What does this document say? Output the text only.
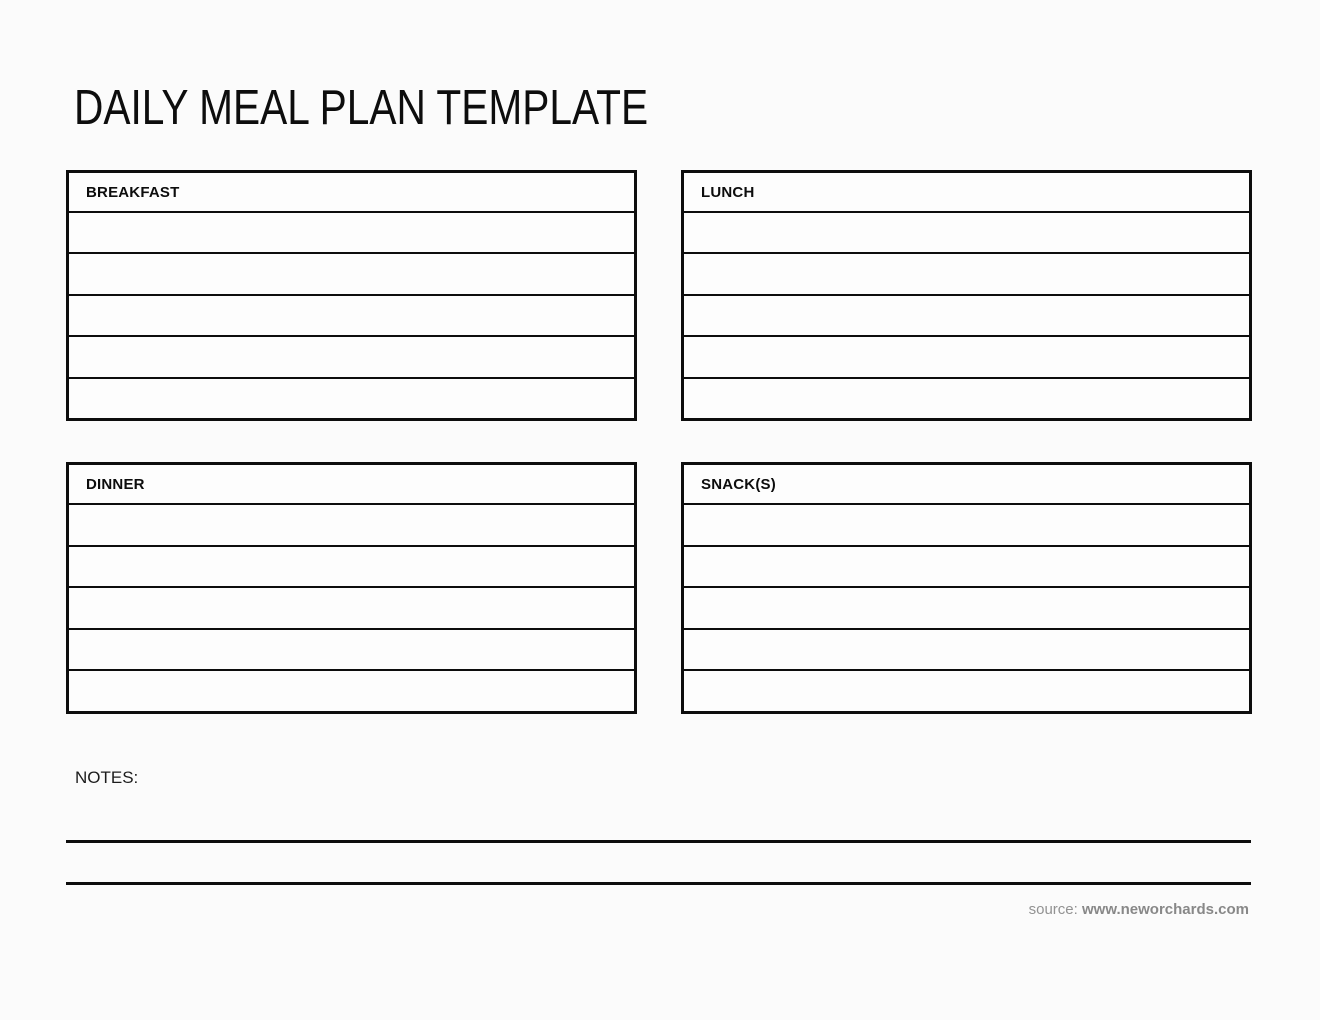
DAILY MEAL PLAN TEMPLATE
BREAKFAST	LUNCH
DINNER	SNACK(S)
NOTES:
source: www.neworchards.com
